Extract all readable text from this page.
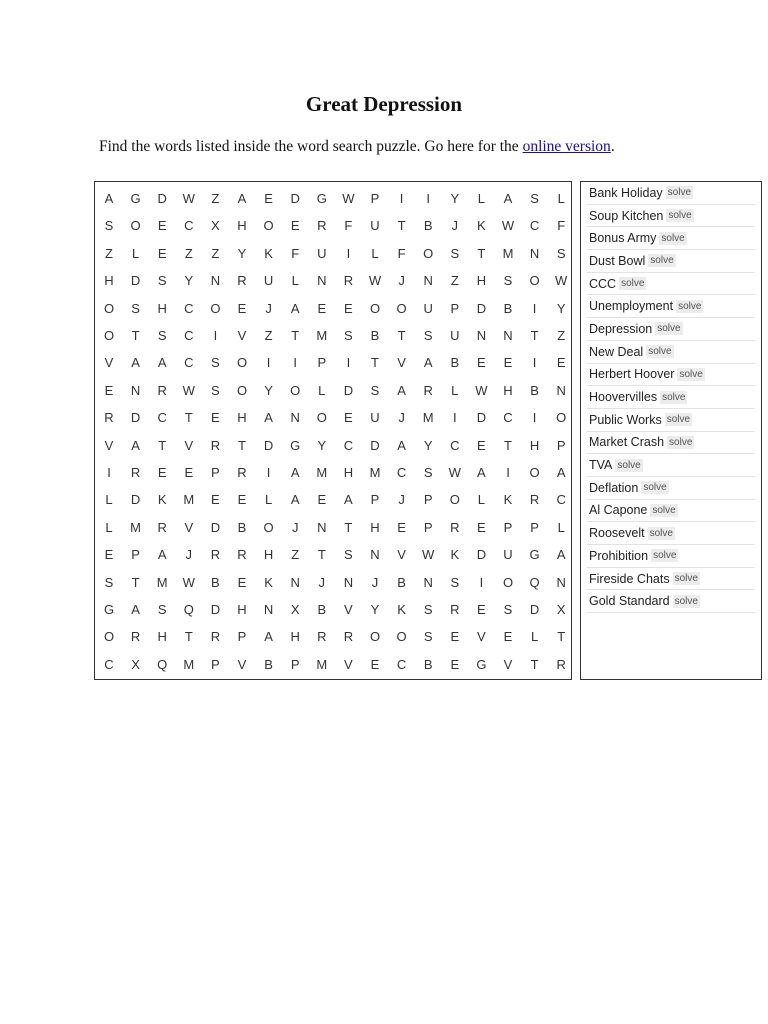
Great Depression
Find the words listed inside the word search puzzle. Go here for the online version.
A	G	D	W	Z	A	E	D	G	W	P	I	I	Y	L	A	S	L
S	O	E	C	X	H	O	E	R	F	U	T	B	J	K	W	C	F
Z	L	E	Z	Z	Y	K	F	U	I	L	F	O	S	T	M	N	S
H	D	S	Y	N	R	U	L	N	R	W	J	N	Z	H	S	O	W
O	S	H	C	O	E	J	A	E	E	O	O	U	P	D	B	I	Y
O	T	S	C	I	V	Z	T	M	S	B	T	S	U	N	N	T	Z
V	A	A	C	S	O	I	I	P	I	T	V	A	B	E	E	I	E
E	N	R	W	S	O	Y	O	L	D	S	A	R	L	W	H	B	N
R	D	C	T	E	H	A	N	O	E	U	J	M	I	D	C	I	O
V	A	T	V	R	T	D	G	Y	C	D	A	Y	C	E	T	H	P
I	R	E	E	P	R	I	A	M	H	M	C	S	W	A	I	O	A
L	D	K	M	E	E	L	A	E	A	P	J	P	O	L	K	R	C
L	M	R	V	D	B	O	J	N	T	H	E	P	R	E	P	P	L
E	P	A	J	R	R	H	Z	T	S	N	V	W	K	D	U	G	A
S	T	M	W	B	E	K	N	J	N	J	B	N	S	I	O	Q	N
G	A	S	Q	D	H	N	X	B	V	Y	K	S	R	E	S	D	X
O	R	H	T	R	P	A	H	R	R	O	O	S	E	V	E	L	T
C	X	Q	M	P	V	B	P	M	V	E	C	B	E	G	V	T	R
Bank Holiday solve
Soup Kitchen solve
Bonus Army solve
Dust Bowl solve
CCC solve
Unemployment solve
Depression solve
New Deal solve
Herbert Hoover solve
Hoovervilles solve
Public Works solve
Market Crash solve
TVA solve
Deflation solve
Al Capone solve
Roosevelt solve
Prohibition solve
Fireside Chats solve
Gold Standard solve
